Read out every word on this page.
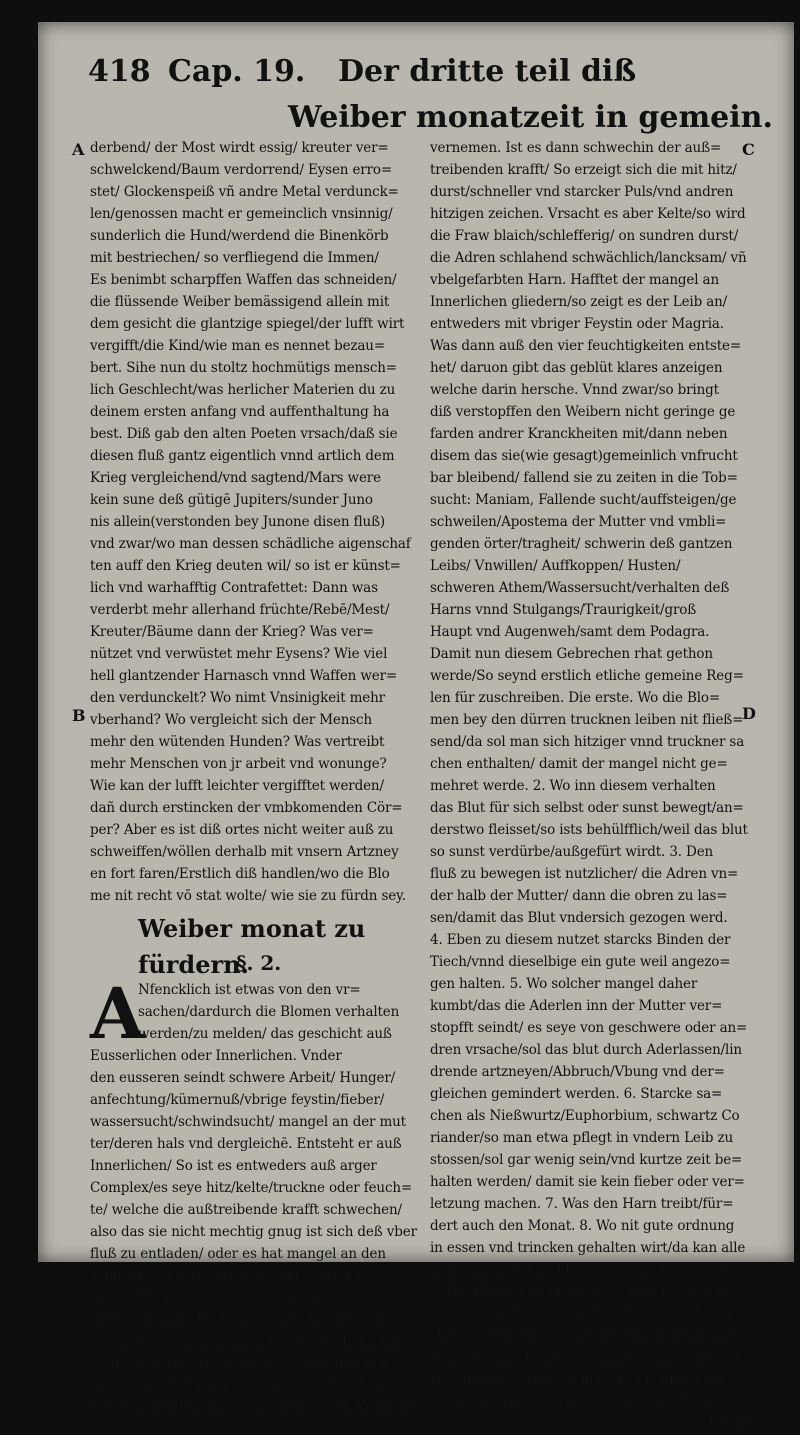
418 Cap. 19. Der dritte teil diß
Weiber monatzeit in gemein.
A
B
C
D
derbend/ der Most wirdt essig/ kreuter ver=
schwelckend/Baum verdorrend/ Eysen erro=
stet/ Glockenspeiß vñ andre Metal verdunck=
len/genossen macht er gemeinclich vnsinnig/
sunderlich die Hund/werdend die Binenkörb
mit bestriechen/ so verfliegend die Immen/
Es benimbt scharpffen Waffen das schneiden/
die flüssende Weiber bemässigend allein mit
dem gesicht die glantzige spiegel/der lufft wirt
vergifft/die Kind/wie man es nennet bezau=
bert. Sihe nun du stoltz hochmütigs mensch=
lich Geschlecht/was herlicher Materien du zu
deinem ersten anfang vnd auffenthaltung ha
best. Diß gab den alten Poeten vrsach/daß sie
diesen fluß gantz eigentlich vnnd artlich dem
Krieg vergleichend/vnd sagtend/Mars were
kein sune deß gütigē Jupiters/sunder Juno
nis allein(verstonden bey Junone disen fluß)
vnd zwar/wo man dessen schädliche aigenschaf
ten auff den Krieg deuten wil/ so ist er künst=
lich vnd warhafftig Contrafettet: Dann was
verderbt mehr allerhand früchte/Rebē/Mest/
Kreuter/Bäume dann der Krieg? Was ver=
nützet vnd verwüstet mehr Eysens? Wie viel
hell glantzender Harnasch vnnd Waffen wer=
den verdunckelt? Wo nimt Vnsinigkeit mehr
vberhand? Wo vergleicht sich der Mensch
mehr den wütenden Hunden? Was vertreibt
mehr Menschen von jr arbeit vnd wonunge?
Wie kan der lufft leichter vergifftet werden/
dañ durch erstincken der vmbkomenden Cör=
per? Aber es ist diß ortes nicht weiter auß zu
schweiffen/wöllen derhalb mit vnsern Artzney
en fort faren/Erstlich diß handlen/wo die Blo
me nit recht vō stat wolte/ wie sie zu fürdn sey.
Weiber monat zu fürdern.
§. 2.
A
Nfencklich ist etwas von den vr=
sachen/dardurch die Blomen verhalten
werden/zu melden/ das geschicht auß
Eusserlichen oder Innerlichen. Vnder
den eusseren seindt schwere Arbeit/ Hunger/
anfechtung/kümernuß/vbrige feystin/fieber/
wassersucht/schwindsucht/ mangel an der mut
ter/deren hals vnd dergleichē. Entsteht er auß
Innerlichen/ So ist es entweders auß arger
Complex/es seye hitz/kelte/truckne oder feuch=
te/ welche die außtreibende krafft schwechen/
also das sie nicht mechtig gnug ist sich deß vber
fluß zu entladen/ oder es hat mangel an den
selbigen gliedern/ als wann der Mutter hals
verstopfft/ beschlossen/ oder eingeschmorren
were/ wie dann leichtlich in der Mutter vnnd
adern/so solchs blut darin flüsse/geschehn mag.
Nun etwas vnderschiedlicher erkantnuß di=
ser dingen zu haben/ So mag man vrsach der
eusserlichen leichtlich auß bericht deß Krancken
vernemen. Ist es dann schwechin der auß=
treibenden krafft/ So erzeigt sich die mit hitz/
durst/schneller vnd starcker Puls/vnd andren
hitzigen zeichen. Vrsacht es aber Kelte/so wird
die Fraw blaich/schlefferig/ on sundren durst/
die Adren schlahend schwächlich/lancksam/ vñ
vbelgefarbten Harn. Hafftet der mangel an
Innerlichen gliedern/so zeigt es der Leib an/
entweders mit vbriger Feystin oder Magria.
Was dann auß den vier feuchtigkeiten entste=
het/ daruon gibt das geblüt klares anzeigen
welche darin hersche. Vnnd zwar/so bringt
diß verstopffen den Weibern nicht geringe ge
farden andrer Kranckheiten mit/dann neben
disem das sie(wie gesagt)gemeinlich vnfrucht
bar bleibend/ fallend sie zu zeiten in die Tob=
sucht: Maniam, Fallende sucht/auffsteigen/ge
schweilen/Apostema der Mutter vnd vmbli=
genden örter/tragheit/ schwerin deß gantzen
Leibs/ Vnwillen/ Auffkoppen/ Husten/
schweren Athem/Wassersucht/verhalten deß
Harns vnnd Stulgangs/Traurigkeit/groß
Haupt vnd Augenweh/samt dem Podagra.
Damit nun diesem Gebrechen rhat gethon
werde/So seynd erstlich etliche gemeine Reg=
len für zuschreiben. Die erste. Wo die Blo=
men bey den dürren trucknen leiben nit fließ=
send/da sol man sich hitziger vnnd truckner sa
chen enthalten/ damit der mangel nicht ge=
mehret werde. 2. Wo inn diesem verhalten
das Blut für sich selbst oder sunst bewegt/an=
derstwo fleisset/so ists behülfflich/weil das blut
so sunst verdürbe/außgefürt wirdt. 3. Den
fluß zu bewegen ist nutzlicher/ die Adren vn=
der halb der Mutter/ dann die obren zu las=
sen/damit das Blut vndersich gezogen werd.
4. Eben zu diesem nutzet starcks Binden der
Tiech/vnnd dieselbige ein gute weil angezo=
gen halten. 5. Wo solcher mangel daher
kumbt/das die Aderlen inn der Mutter ver=
stopfft seindt/ es seye von geschwere oder an=
dren vrsache/sol das blut durch Aderlassen/lin
drende artzneyen/Abbruch/Vbung vnd der=
gleichen gemindert werden. 6. Starcke sa=
chen als Nießwurtz/Euphorbium, schwartz Co
riander/so man etwa pflegt in vndern Leib zu
stossen/sol gar wenig sein/vnd kurtze zeit be=
halten werden/ damit sie kein fieber oder ver=
letzung machen. 7. Was den Harn treibt/für=
dert auch den Monat. 8. Wo nit gute ordnung
in essen vnd trincken gehalten wirt/da kan alle
müh vnd arbeit nichts oder wenig erspriessen.
9. Die Blomen zu bringen sol man erstlich die
sach mit geringe/volgends mitlen/leglich star
cken angreiffen. 10. Warme wolrüchende ding
seint behülflich vber den nabel/sturmhübel/vñ
vmbligende örter geschlagen. 11. Entstehet
dieser mangel auß Geschweren/Apostemen/
Fieber
